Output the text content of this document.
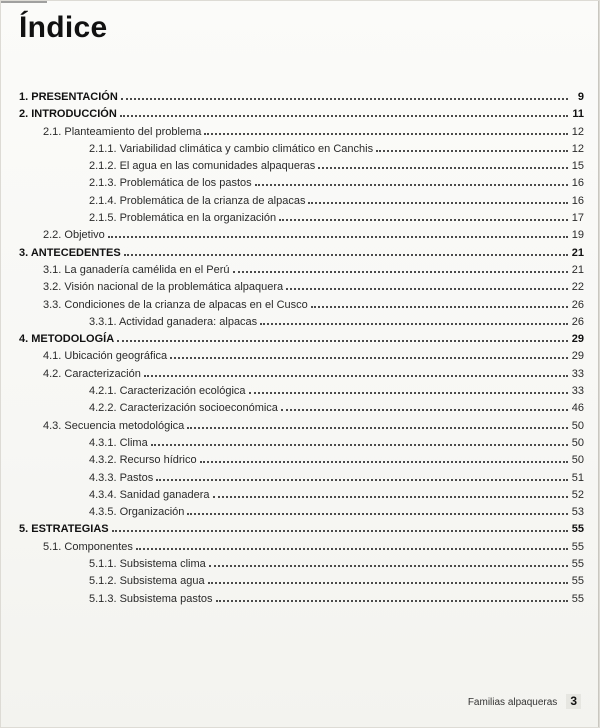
Índice
1. PRESENTACIÓN	9
2. INTRODUCCIÓN	11
2.1. Planteamiento del problema	12
2.1.1. Variabilidad climática y cambio climático en Canchis	12
2.1.2. El agua en las comunidades alpaqueras	15
2.1.3. Problemática de los pastos	16
2.1.4. Problemática de la crianza de alpacas	16
2.1.5. Problemática en la organización	17
2.2. Objetivo	19
3. ANTECEDENTES	21
3.1. La ganadería camélida en el Perú	21
3.2. Visión nacional de la problemática alpaquera	22
3.3. Condiciones de la crianza de alpacas en el Cusco	26
3.3.1. Actividad ganadera: alpacas	26
4. METODOLOGÍA	29
4.1. Ubicación geográfica	29
4.2. Caracterización	33
4.2.1. Caracterización ecológica	33
4.2.2. Caracterización socioeconómica	46
4.3. Secuencia metodológica	50
4.3.1. Clima	50
4.3.2. Recurso hídrico	50
4.3.3. Pastos	51
4.3.4. Sanidad ganadera	52
4.3.5. Organización	53
5. ESTRATEGIAS	55
5.1. Componentes	55
5.1.1. Subsistema clima	55
5.1.2. Subsistema agua	55
5.1.3. Subsistema pastos	55
Familias alpaqueras	3
